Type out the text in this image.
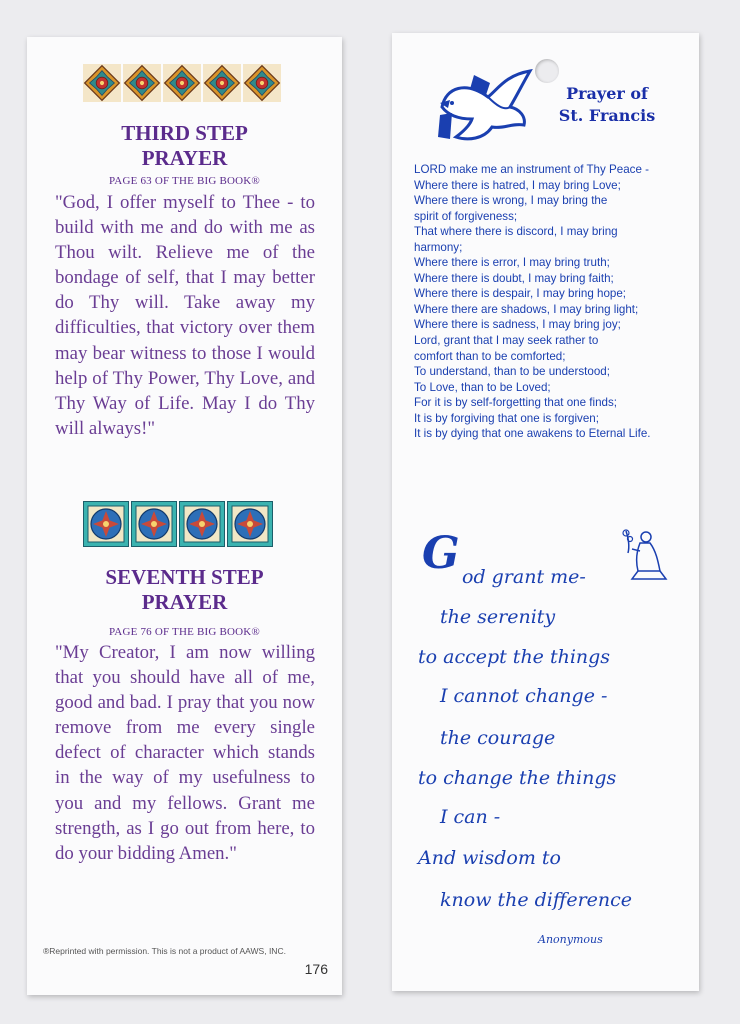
THIRD STEP
PRAYER
PAGE 63 OF THE BIG BOOK®

"God, I offer myself to Thee - to build with me and do with me as Thou wilt. Relieve me of the bondage of self, that I may better do Thy will. Take away my difficulties, that victory over them may bear witness to those I would help of Thy Power, Thy Love, and Thy Way of Life. May I do Thy will always!"

SEVENTH STEP
PRAYER
PAGE 76 OF THE BIG BOOK®

"My Creator, I am now willing that you should have all of me, good and bad. I pray that you now remove from me every single defect of character which stands in the way of my usefulness to you and my fellows. Grant me strength, as I go out from here, to do your bidding Amen."

®Reprinted with permission. This is not a product of AAWS, INC.
176
Prayer of
St. Francis
LORD make me an instrument of Thy Peace -
Where there is hatred, I may bring Love;
Where there is wrong, I may bring the
spirit of forgiveness;
That where there is discord, I may bring
harmony;
Where there is error, I may bring truth;
Where there is doubt, I may bring faith;
Where there is despair, I may bring hope;
Where there are shadows, I may bring light;
Where there is sadness, I may bring joy;
Lord, grant that I may seek rather to
comfort than to be comforted;
To understand, than to be understood;
To Love, than to be Loved;
For it is by self-forgetting that one finds;
It is by forgiving that one is forgiven;
It is by dying that one awakens to Eternal Life.
G od grant me-
the serenity
to accept the things
I cannot change -
the courage
to change the things
I can -
And wisdom to
know the difference
Anonymous
